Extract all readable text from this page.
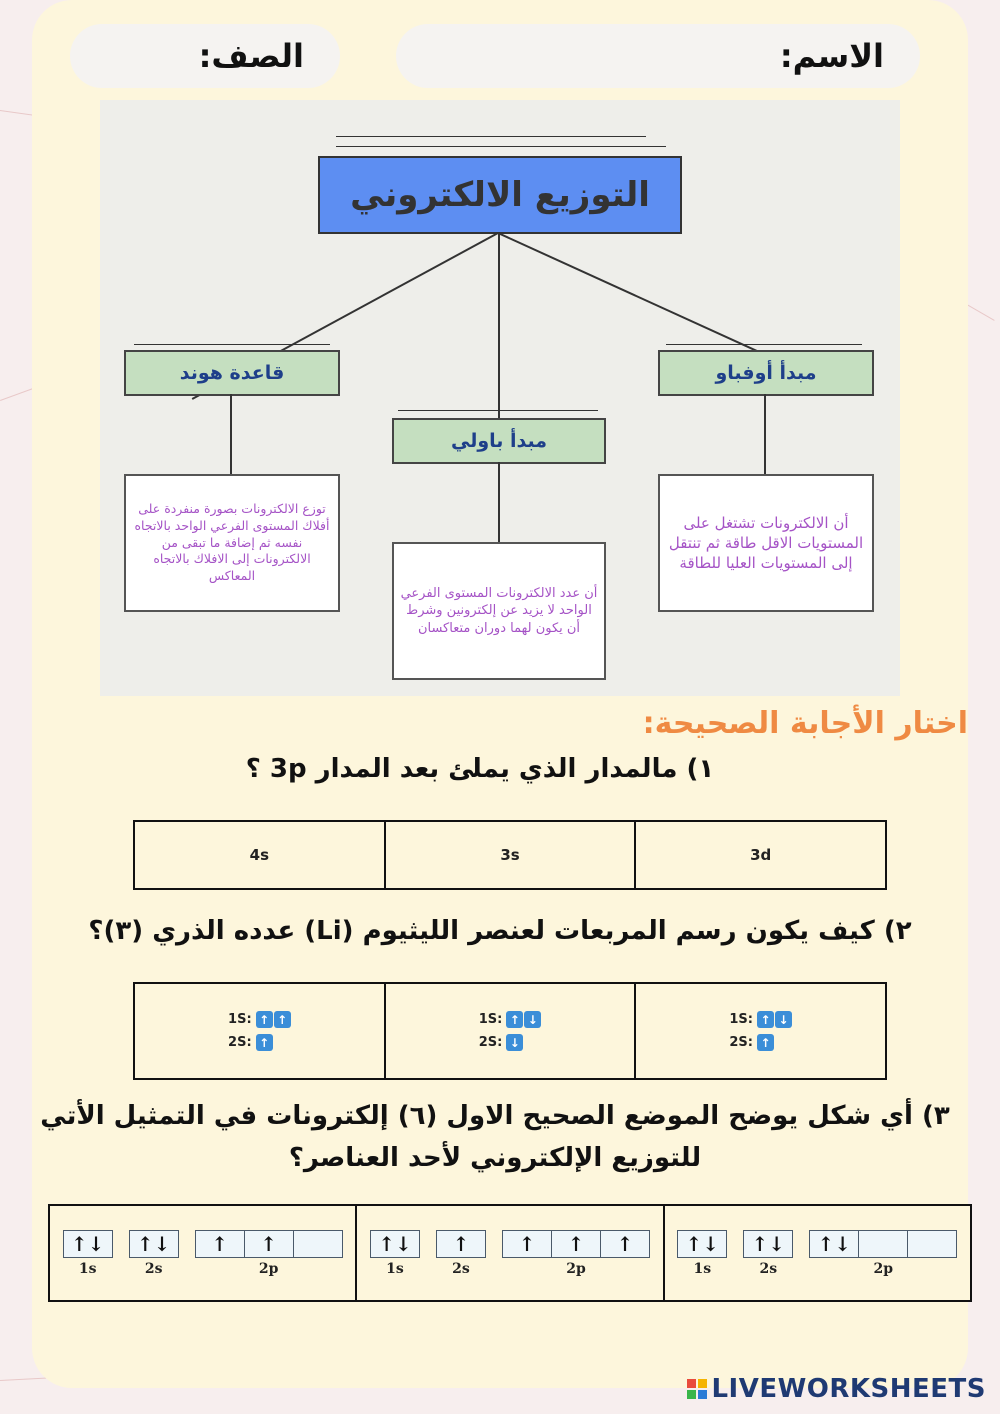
الاسم:
الصف:
التوزيع الالكتروني
قاعدة هوند
توزع الالكترونات بصورة منفردة على أفلاك المستوى الفرعي الواحد بالاتجاه نفسه ثم إضافة ما تبقى من الالكترونات إلى الافلاك بالاتجاه المعاكس
مبدأ باولي
أن عدد الالكترونات المستوى الفرعي الواحد لا يزيد عن إلكترونين وشرط أن يكون لهما دوران متعاكسان
مبدأ أوفباو
أن الالكترونات تشتغل على المستويات الاقل طاقة ثم تنتقل إلى المستويات العليا للطاقة
اختار الأجابة الصحيحة:
١) مالمدار الذي يملئ بعد المدار 3p ؟
4s	3s	3d
٢) كيف يكون رسم المربعات لعنصر الليثيوم (Li) عدده الذري (٣)؟
1S: ↑ ↑
2S: ↑
1S: ↑ ↓
2S: ↓
1S: ↑ ↓
2S: ↑
٣) أي شكل يوضح الموضع الصحيح الاول (٦) إلكترونات في التمثيل الأتي
للتوزيع الإلكتروني لأحد العناصر؟
↑↓
1s
↑↓
2s
↑	↑
2p
↑↓
1s
↑
2s
↑	↑	↑
2p
↑↓
1s
↑↓
2s
↑↓
2p
LIVEWORKSHEETS
